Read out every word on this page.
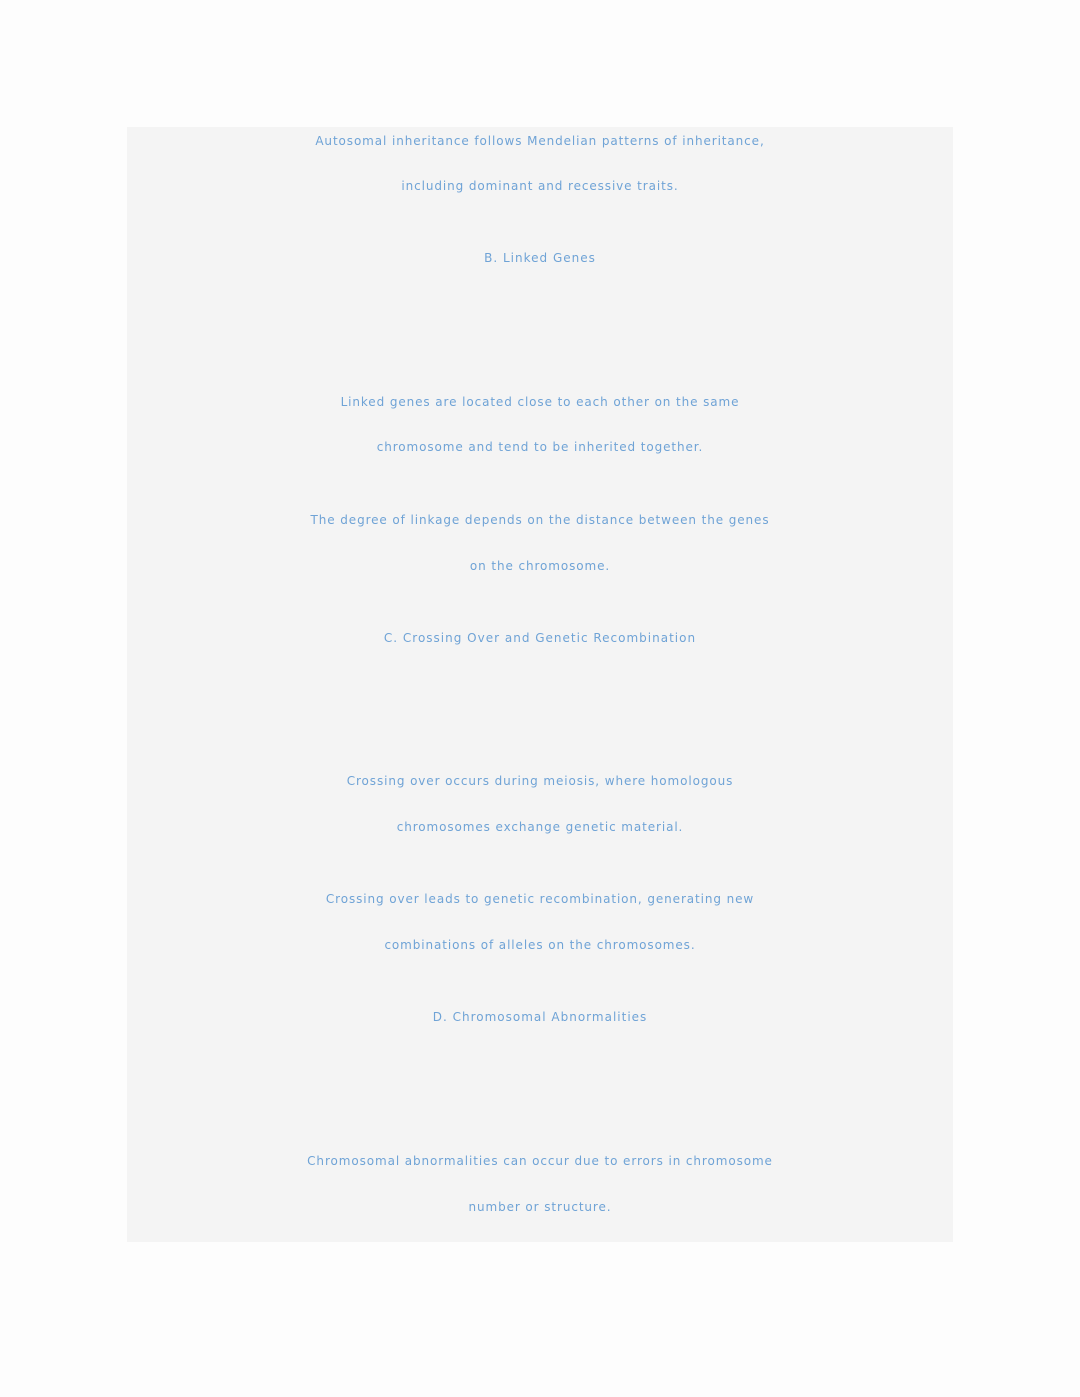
Autosomal inheritance follows Mendelian patterns of inheritance,
including dominant and recessive traits.
B. Linked Genes
Linked genes are located close to each other on the same
chromosome and tend to be inherited together.
The degree of linkage depends on the distance between the genes
on the chromosome.
C. Crossing Over and Genetic Recombination
Crossing over occurs during meiosis, where homologous
chromosomes exchange genetic material.
Crossing over leads to genetic recombination, generating new
combinations of alleles on the chromosomes.
D. Chromosomal Abnormalities
Chromosomal abnormalities can occur due to errors in chromosome
number or structure.
